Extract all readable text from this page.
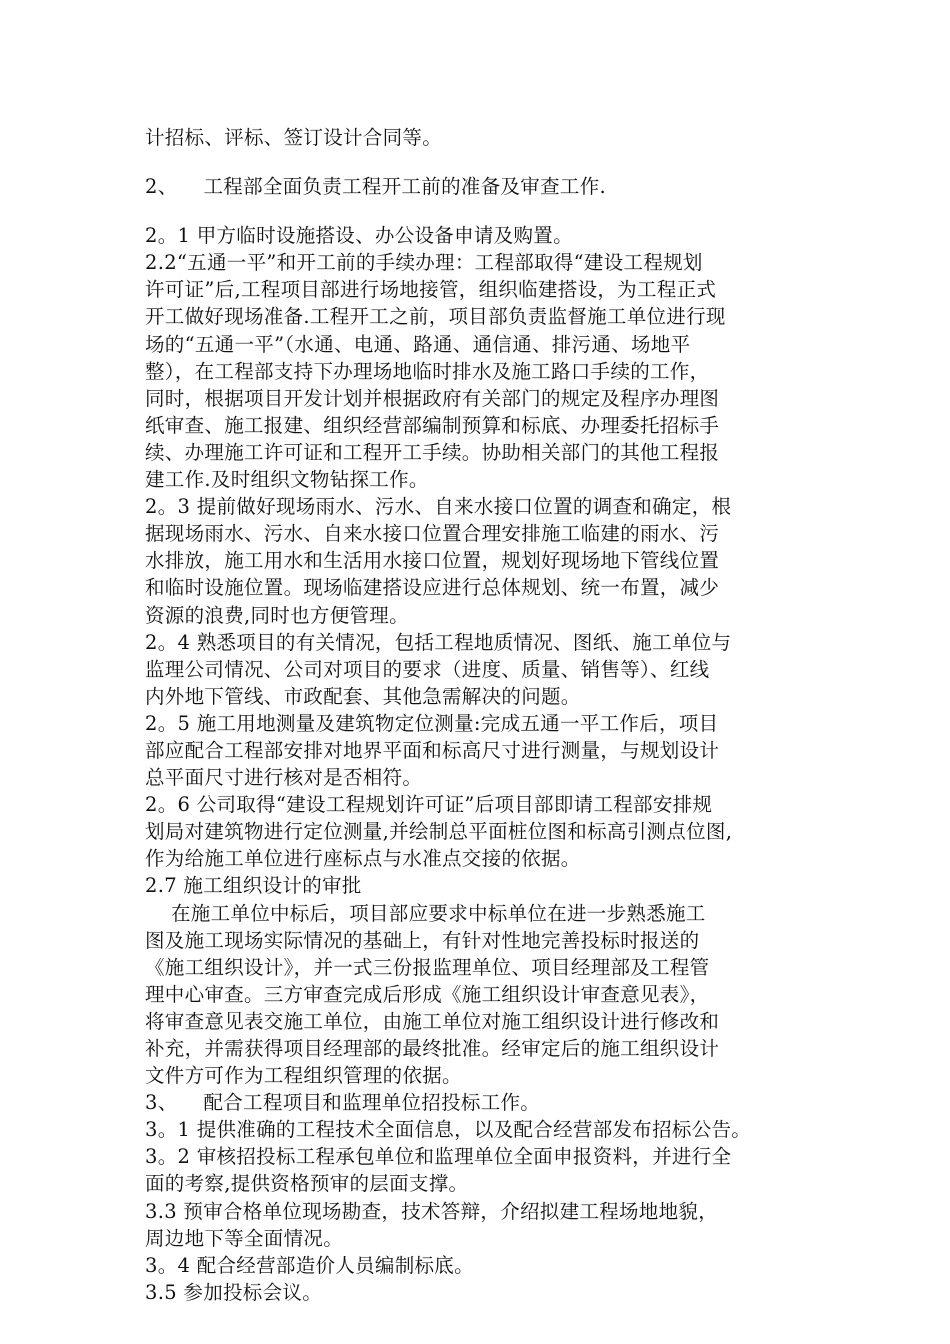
计招标、评标、签订设计合同等。
2、    工程部全面负责工程开工前的准备及审查工作.
2。1 甲方临时设施搭设、办公设备申请及购置。
2.2“五通一平”和开工前的手续办理：工程部取得“建设工程规划
许可证”后,工程项目部进行场地接管，组织临建搭设，为工程正式
开工做好现场准备.工程开工之前，项目部负责监督施工单位进行现
场的“五通一平”（水通、电通、路通、通信通、排污通、场地平
整），在工程部支持下办理场地临时排水及施工路口手续的工作，
同时，根据项目开发计划并根据政府有关部门的规定及程序办理图
纸审查、施工报建、组织经营部编制预算和标底、办理委托招标手
续、办理施工许可证和工程开工手续。协助相关部门的其他工程报
建工作.及时组织文物钻探工作。
2。3 提前做好现场雨水、污水、自来水接口位置的调查和确定，根
据现场雨水、污水、自来水接口位置合理安排施工临建的雨水、污
水排放，施工用水和生活用水接口位置，规划好现场地下管线位置
和临时设施位置。现场临建搭设应进行总体规划、统一布置，减少
资源的浪费,同时也方便管理。
2。4 熟悉项目的有关情况，包括工程地质情况、图纸、施工单位与
监理公司情况、公司对项目的要求（进度、质量、销售等）、红线
内外地下管线、市政配套、其他急需解决的问题。
2。5 施工用地测量及建筑物定位测量:完成五通一平工作后，项目
部应配合工程部安排对地界平面和标高尺寸进行测量，与规划设计
总平面尺寸进行核对是否相符。
2。6 公司取得“建设工程规划许可证”后项目部即请工程部安排规
划局对建筑物进行定位测量,并绘制总平面桩位图和标高引测点位图,
作为给施工单位进行座标点与水准点交接的依据。
2.7 施工组织设计的审批
在施工单位中标后，项目部应要求中标单位在进一步熟悉施工
图及施工现场实际情况的基础上，有针对性地完善投标时报送的
《施工组织设计》，并一式三份报监理单位、项目经理部及工程管
理中心审查。三方审查完成后形成《施工组织设计审查意见表》，
将审查意见表交施工单位，由施工单位对施工组织设计进行修改和
补充，并需获得项目经理部的最终批准。经审定后的施工组织设计
文件方可作为工程组织管理的依据。
3、    配合工程项目和监理单位招投标工作。
3。1 提供准确的工程技术全面信息，以及配合经营部发布招标公告。
3。2 审核招投标工程承包单位和监理单位全面申报资料，并进行全
面的考察,提供资格预审的层面支撑。
3.3 预审合格单位现场勘查，技术答辩，介绍拟建工程场地地貌，
周边地下等全面情况。
3。4 配合经营部造价人员编制标底。
3.5 参加投标会议。
